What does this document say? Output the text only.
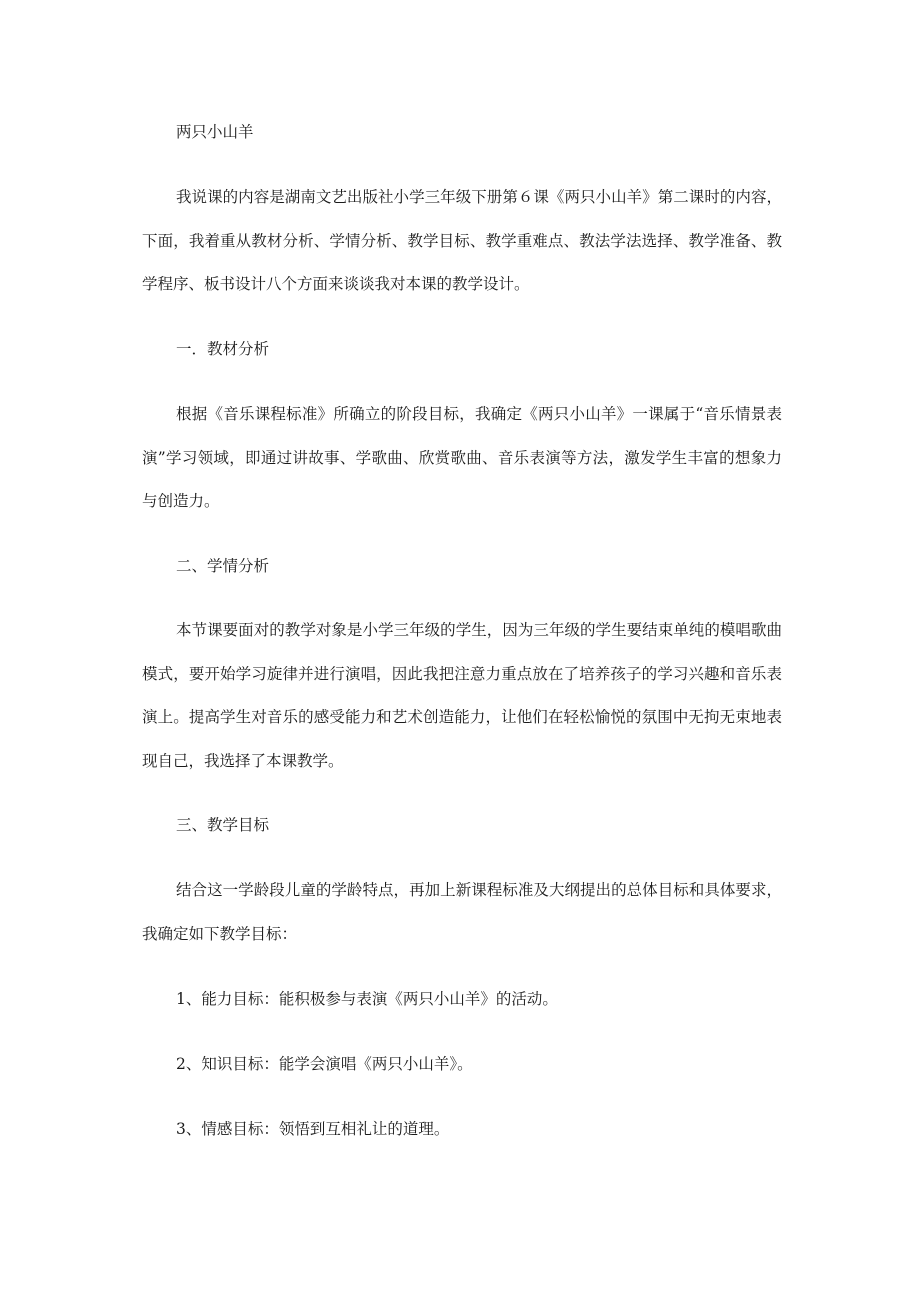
两只小山羊

我说课的内容是湖南文艺出版社小学三年级下册第６课《两只小山羊》第二课时的内容，下面，我着重从教材分析、学情分析、教学目标、教学重难点、教法学法选择、教学准备、教学程序、板书设计八个方面来谈谈我对本课的教学设计。

一．教材分析

根据《音乐课程标准》所确立的阶段目标，我确定《两只小山羊》一课属于“音乐情景表演”学习领域，即通过讲故事、学歌曲、欣赏歌曲、音乐表演等方法，激发学生丰富的想象力与创造力。

二、学情分析

本节课要面对的教学对象是小学三年级的学生，因为三年级的学生要结束单纯的模唱歌曲模式，要开始学习旋律并进行演唱，因此我把注意力重点放在了培养孩子的学习兴趣和音乐表演上。提高学生对音乐的感受能力和艺术创造能力，让他们在轻松愉悦的氛围中无拘无束地表现自己，我选择了本课教学。

三、教学目标

结合这一学龄段儿童的学龄特点，再加上新课程标准及大纲提出的总体目标和具体要求，我确定如下教学目标：

1、能力目标：能积极参与表演《两只小山羊》的活动。

2、知识目标：能学会演唱《两只小山羊》。

3、情感目标：领悟到互相礼让的道理。
